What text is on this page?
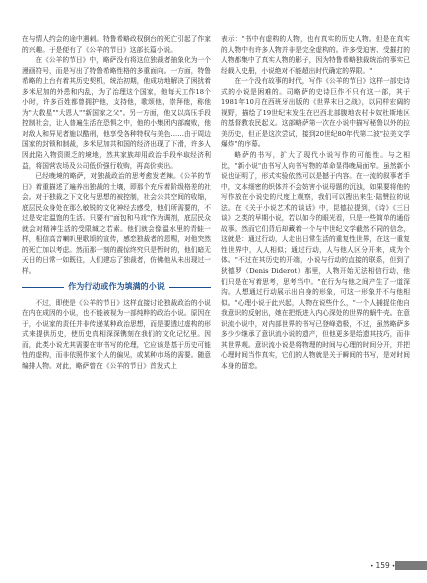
在与情人约会的途中遇刺。特鲁希略政权倒台的死亡引起了作家的兴趣。于是便有了《公羊的节日》这部长篇小说。

在《公羊的节日》中，略萨没有将这位独裁者抽象化为一个漫画符号，而是写出了特鲁希略性格的多重面向。一方面，特鲁希略的上台有着其历史契机，统治初期，他成功地解决了困扰着多米尼加的外患和内乱，为了治理这个国家，他每天工作18个小时，许多百姓都曾拥护他，支持他，歌颂他，崇拜他，称他为"大救星""大恩人""新国家之父"。另一方面，他又以高压手段控制社会，让人普遍生活在恐惧之中，他的小集团内部腐败，他对敌人和异见者施以酷刑，他享受各种特权与美色……由于周边国家的封锁和制裁，多米尼加共和国的经济出现了下滑，许多人因此陷入物资匮乏的境地，然其家族却用政治手段牟取经济利益，将国营农场及公司低价强行收购，再高价卖出。

已经晚境的略萨，对独裁政治的思考愈发老辣。《公羊的节日》着重描述了遍养出独裁的土壤，即那个充斥着阶级格差的社会。对于独裁之下文化与思想的被控制，社会公共空间的收缩，底层民众身处在那么敏锐的文化神经去感受，他们所需要的，不过是安定温饱的生活。只要有"面包和马戏"作为调剂，底层民众就会对精神生活的受限缄之若素。他们就会像温水里的青蛙一样，相信高音喇叭里歌颂的宣传，感恋独裁者的恩赐，对他突然的死亡加以考虑。然而那一刻的震惊终究只是暂时的，他们暗无天日的日常一如既往，人们建忘了独裁者，仿佛他从未出现过一样。

作为行动或作为填满的小说

不过，即使是《公羊的节日》这样直接讨论独裁政治的小说在内在成因的小说，也不能被视为一部纯粹的政治小说。原因在于，小说家的责任并非传递某种政治思想，而是要透过虚构的形式来提供历史，使历史真相深深镌刻在我们的文化记忆里。因而，此类小说尤其需要在审书写的伦理，它应该是基于历史可能性的虚构，而非依照作家个人的偏见，或某种市场的需要。随意编排人物。对此，略萨曾在《公羊的节日》首发式上

表示："书中有虚构的人物，也有真实的历史人物。但是在真实的人物中有许多人物并非是完全虚构的。许多受迫害、受摧打的人物都集中了真实人物的影子，因为特鲁希略独裁统治的事实已经载入史册，小说绝对不能超出时代确定的界限。"

在一个没有故事的时代，写作《公羊的节日》这样一部史诗式的小说是困难的。司略萨的史诗巨作不只有这一部，其于1981年10月在西班牙出版的《世界末日之战》，以同样宏阔的视野，描绘了19世纪末发生在巴西北部腹地农村卡奴杜斯地区的基督教农民起义。这部略萨第一次在小说中描写秘鲁以外的拉美历史，但正是这次尝试，接到20世纪80年代第二波"拉美文学爆炸"的序幕。

略萨的书写，扩大了现代小说写作的可能性。与之相比，"新小说"由书写人向书写物的革命显得晚局面窄。虽然新小说也证明了，形式实验依然可以是撼于内容。在一流的叙事者手中，文本细密的织体并不会妨害小说母题的沉浊，如果要将他的写作放在小说史的尺度上观察，我们可以搜出来生·陆赞拉的说法。在《关于小说艺术的谈话》中，昆德拉提到，《诗》《三日谈》之类的早期小说，若以如今的眼光看，只是一些简单的通俗故事。然而它们背后却藏着一个与中世纪文学截然不同的信念，这就是：通过行动，人走出日常生活的重复性世界，在这一重复性世界中，人人相似；通过行动，人与他人区分开来，成为个体。"不过在其历史的开端，小说与行动的直接的联系，但到了狄德罗（Denis Diderot）那里，人物开始无法相信行动，他们只是在写着思考，思考当中。"在行为与他之间产生了一道深沟。人想通过行动展示出自身的形象，可这一形象并不与他相似。"心理小说于此兴起，人物在说些什么，"一个人捕捉住他自我意识的反射出，她在把纸进入内心深处的世界的蜗牛壳。在意识流小说中，对内部世界的书写已登峰造极，不过，虽然略萨多多少少继承了意识流小说的遗产，但他更多是给遗其技巧，而非其世界观。意识流小说是将物理的时间与心理的时间分开，并把心理时间当作真实，它们的人物就是关于瞬间的书写，是对时间本身的留恋。

• 159 •
